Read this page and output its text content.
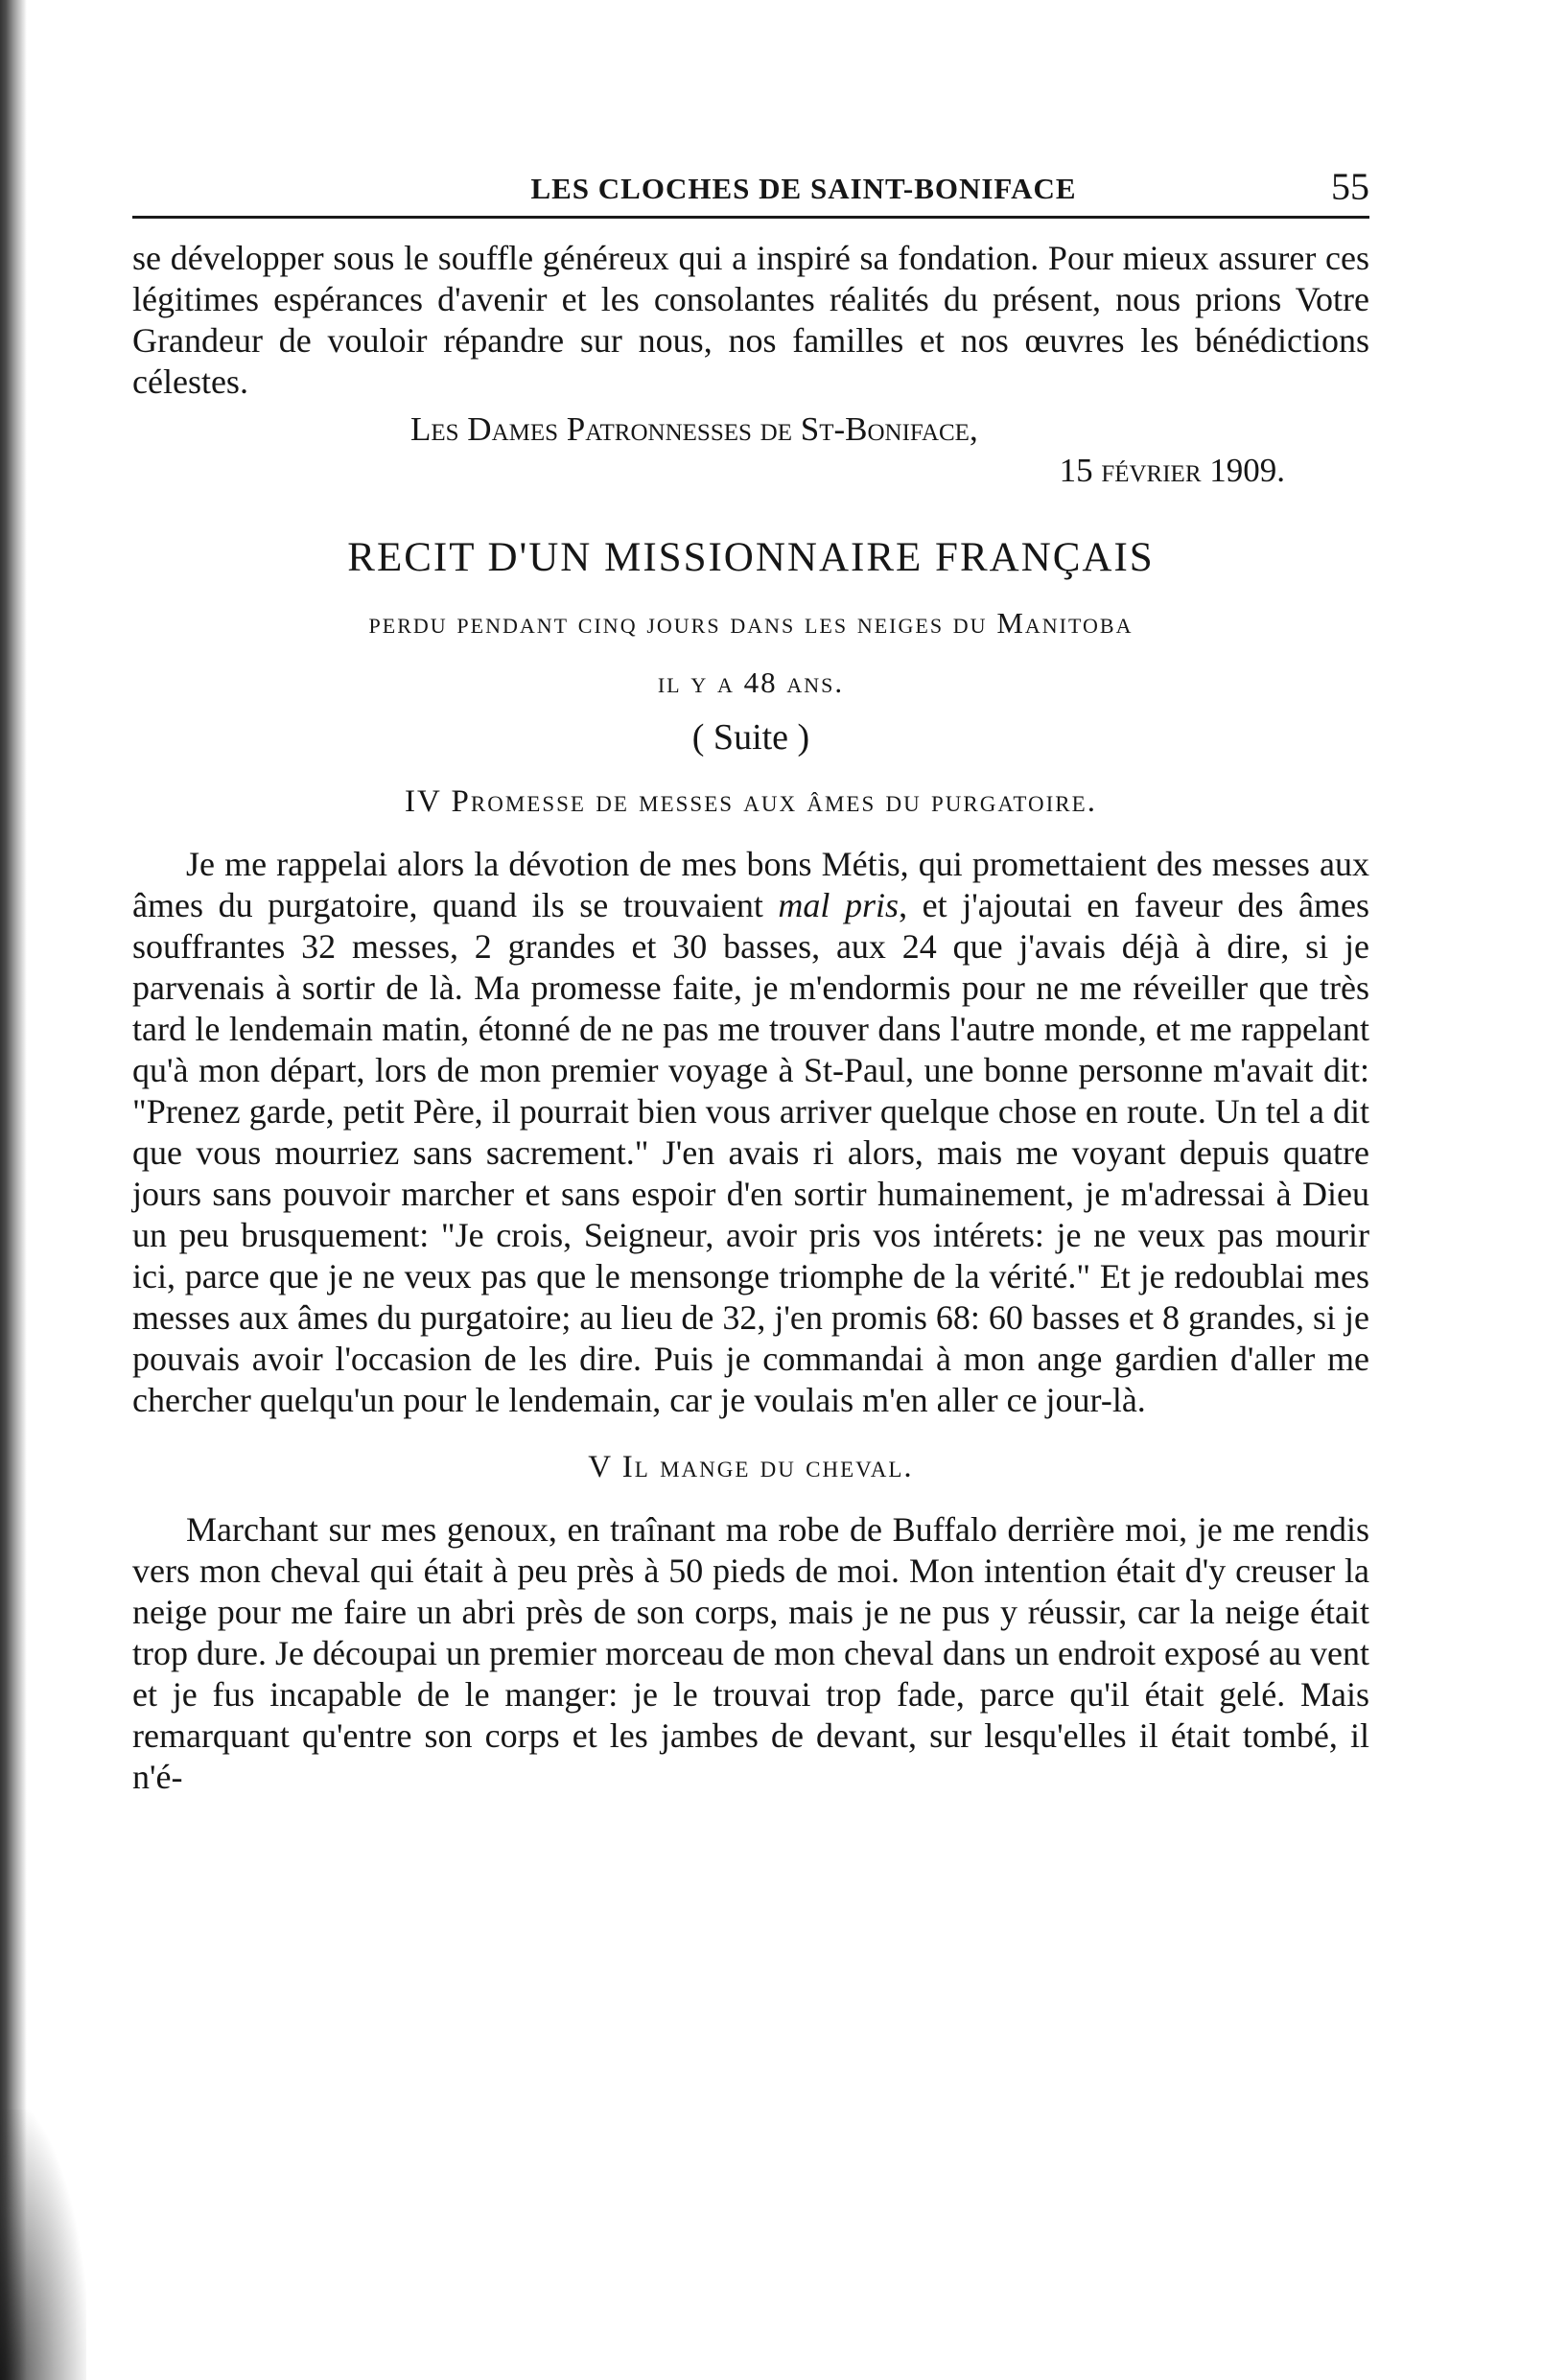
LES CLOCHES DE SAINT-BONIFACE	55

se développer sous le souffle généreux qui a inspiré sa fondation. Pour mieux assurer ces légitimes espérances d'avenir et les consolantes réalités du présent, nous prions Votre Grandeur de vouloir répandre sur nous, nos familles et nos œuvres les bénédictions célestes.

Les Dames Patronnesses de St-Boniface,
15 février 1909.
RECIT D'UN MISSIONNAIRE FRANÇAIS
perdu pendant cinq jours dans les neiges du Manitoba
il y a 48 ans.
( Suite )
IV Promesse de messes aux âmes du purgatoire.

Je me rappelai alors la dévotion de mes bons Métis, qui promettaient des messes aux âmes du purgatoire, quand ils se trouvaient mal pris, et j'ajoutai en faveur des âmes souffrantes 32 messes, 2 grandes et 30 basses, aux 24 que j'avais déjà à dire, si je parvenais à sortir de là. Ma promesse faite, je m'endormis pour ne me réveiller que très tard le lendemain matin, étonné de ne pas me trouver dans l'autre monde, et me rappelant qu'à mon départ, lors de mon premier voyage à St-Paul, une bonne personne m'avait dit: "Prenez garde, petit Père, il pourrait bien vous arriver quelque chose en route. Un tel a dit que vous mourriez sans sacrement." J'en avais ri alors, mais me voyant depuis quatre jours sans pouvoir marcher et sans espoir d'en sortir humainement, je m'adressai à Dieu un peu brusquement: "Je crois, Seigneur, avoir pris vos intérets: je ne veux pas mourir ici, parce que je ne veux pas que le mensonge triomphe de la vérité." Et je redoublai mes messes aux âmes du purgatoire; au lieu de 32, j'en promis 68: 60 basses et 8 grandes, si je pouvais avoir l'occasion de les dire. Puis je commandai à mon ange gardien d'aller me chercher quelqu'un pour le lendemain, car je voulais m'en aller ce jour-là.

V Il mange du cheval.

Marchant sur mes genoux, en traînant ma robe de Buffalo derrière moi, je me rendis vers mon cheval qui était à peu près à 50 pieds de moi. Mon intention était d'y creuser la neige pour me faire un abri près de son corps, mais je ne pus y réussir, car la neige était trop dure. Je découpai un premier morceau de mon cheval dans un endroit exposé au vent et je fus incapable de le manger: je le trouvai trop fade, parce qu'il était gelé. Mais remarquant qu'entre son corps et les jambes de devant, sur lesqu'elles il était tombé, il n'é-
